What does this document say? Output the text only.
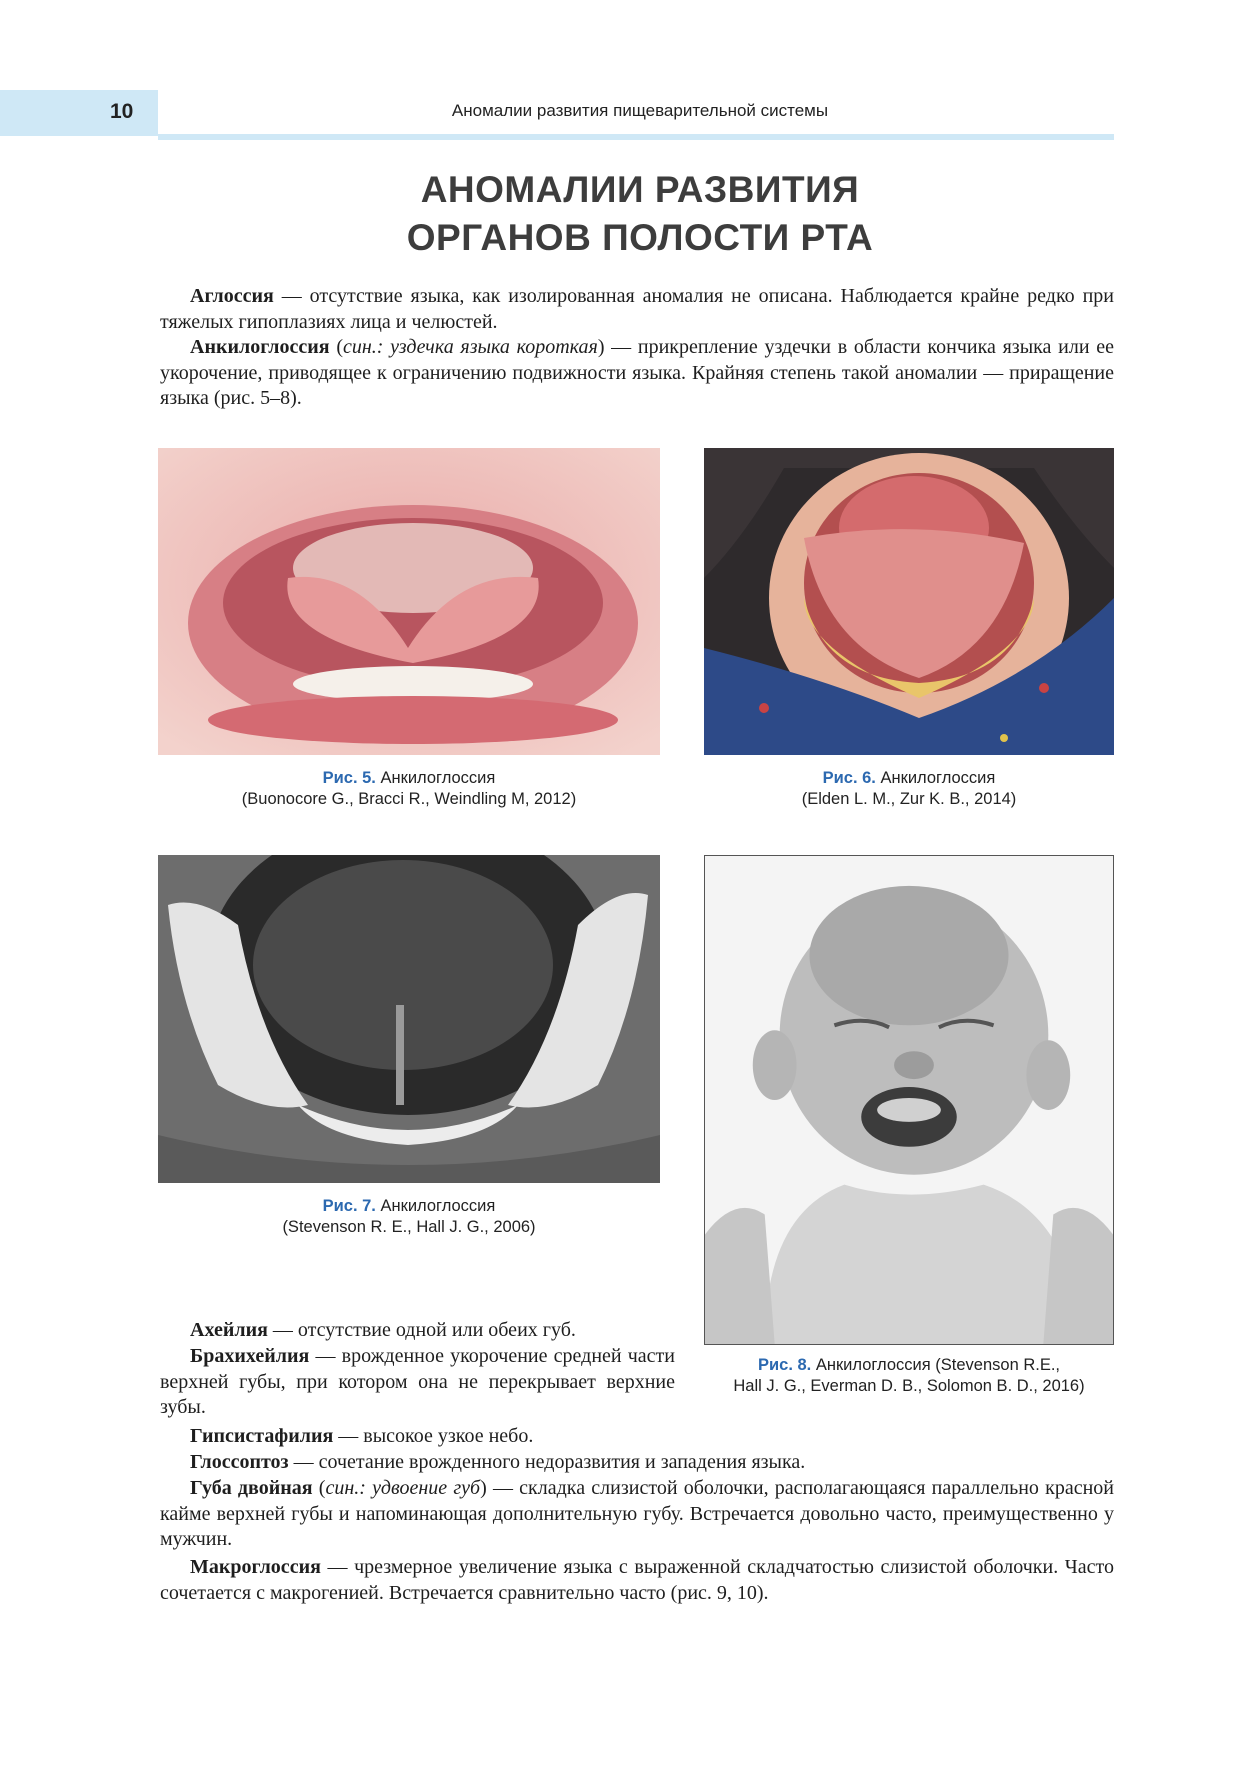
10	Аномалии развития пищеварительной системы
АНОМАЛИИ РАЗВИТИЯ
ОРГАНОВ ПОЛОСТИ РТА

Аглоссия — отсутствие языка, как изолированная аномалия не описана. Наблюдается крайне редко при тяжелых гипоплазиях лица и челюстей.

Анкилоглоссия (син.: уздечка языка короткая) — прикрепление уздечки в области кончика языка или ее укорочение, приводящее к ограничению подвижности языка. Крайняя степень такой аномалии — приращение языка (рис. 5–8).

Рис. 5. Анкилоглоссия
(Buonocore G., Bracci R., Weindling M, 2012)
Рис. 6. Анкилоглоссия
(Elden L. M., Zur K. B., 2014)
Рис. 7. Анкилоглоссия
(Stevenson R. E., Hall J. G., 2006)
Рис. 8. Анкилоглоссия (Stevenson R.E.,
Hall J. G., Everman D. B., Solomon B. D., 2016)

Ахейлия — отсутствие одной или обеих губ.

Брахихейлия — врожденное укорочение средней части верхней губы, при котором она не перекрывает верхние зубы.

Гипсистафилия — высокое узкое небо.

Глоссоптоз — сочетание врожденного недоразвития и западения языка.

Губа двойная (син.: удвоение губ) — складка слизистой оболочки, располагающаяся параллельно красной кайме верхней губы и напоминающая дополнительную губу. Встречается довольно часто, преимущественно у мужчин.

Макроглоссия — чрезмерное увеличение языка с выраженной складчатостью слизистой оболочки. Часто сочетается с макрогенией. Встречается сравнительно часто (рис. 9, 10).
